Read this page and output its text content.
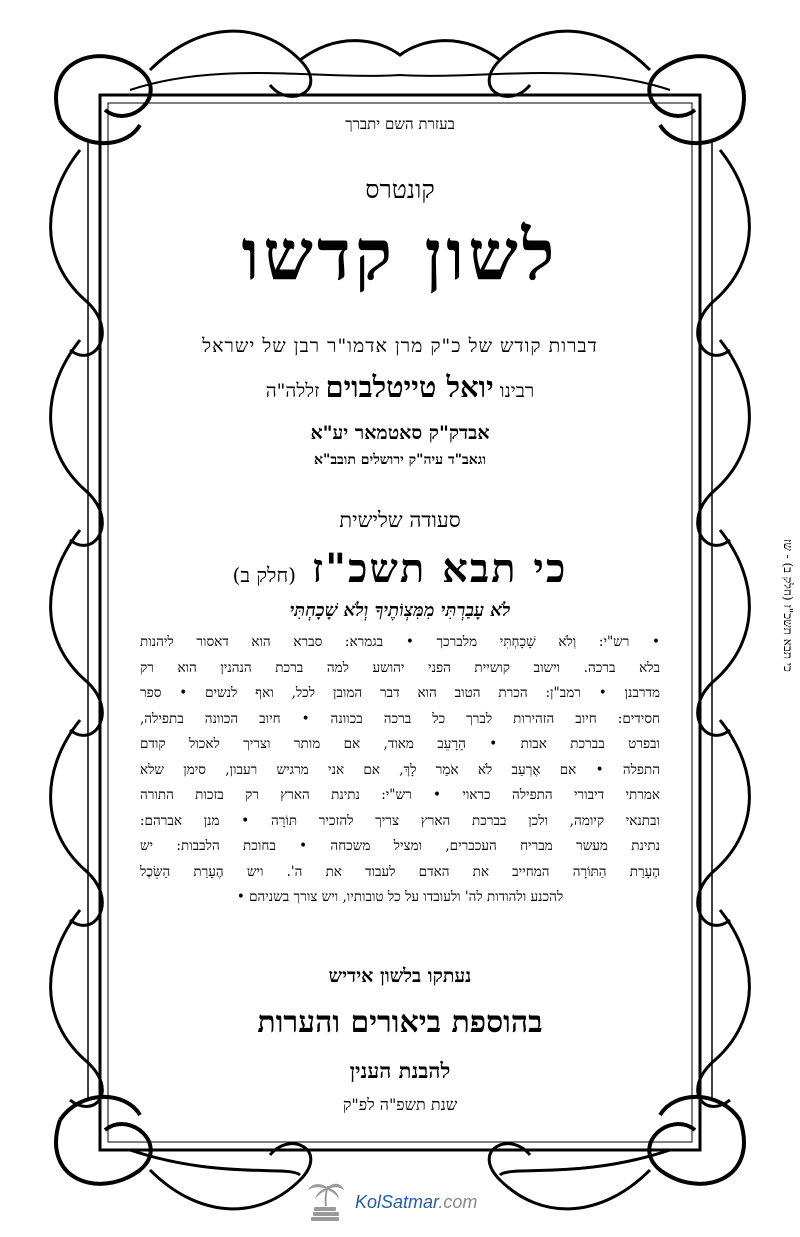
בעזרת השם יתברך
קונטרס
לשון קדשו
דברות קודש של כ"ק מרן אדמו"ר רבן של ישראל
רבינו יואל טייטלבוים זללה"ה
אבדק"ק סאטמאר יע"א
וגאב"ד עיה"ק ירושלים תובב"א
סעודה שלישית
כי תבא תשכ"ז (חלק ב)
לֹא עָבַרְתִּי מִמִּצְוֹתֶיךָ וְלֹא שָׁכָחְתִּי
• רש"י: וְלֹא שָׁכָחְתִּי מלברכך • בגמרא: סברא הוא דאסור ליהנות
בלא ברכה. וישוב קושיית הפני יהושע למה ברכת הנהנין הוא רק
מדרבנן • רמב"ן: הכרת הטוב הוא דבר המובן לכל, ואף לנשים • ספר
חסידים: חיוב הזהירות לברך כל ברכה בכוונה • חיוב הכוונה בתפילה,
ובפרט בברכת אבות • הָרָעֵב מאוד, אם מותר וצריך לאכול קודם
התפלה • אם אֶרְעַב לֹא אֹמַר לָךְ, אם אני מרגיש רעבון, סימן שלא
אמרתי דיבורי התפילה כראוי • רש"י: נתינת הארץ רק בזכות התורה
ובתנאי קיומה, ולכן בברכת הארץ צריך להזכיר תּוֹרָה • מנן אברהם:
נתינת מעשר מבריח העכברים, ומציל משכחה • בחוכת הלבבות: יש
הֶעָרַת הַתּוֹרָה המחייב את האדם לעבוד את ה'. ויש הֶעָרַת הַשֵּׂכֶל
להכנע ולהודות לה' ולעובדו על כל טובותיו, ויש צורך בשניהם •
נעתקו בלשון אידיש
בהוספת ביאורים והערות
להבנת הענין
שנת תשפ"ה לפ"ק
כי תבא תשכ"ז (חלק ב) - שז
KolSatmar.com
